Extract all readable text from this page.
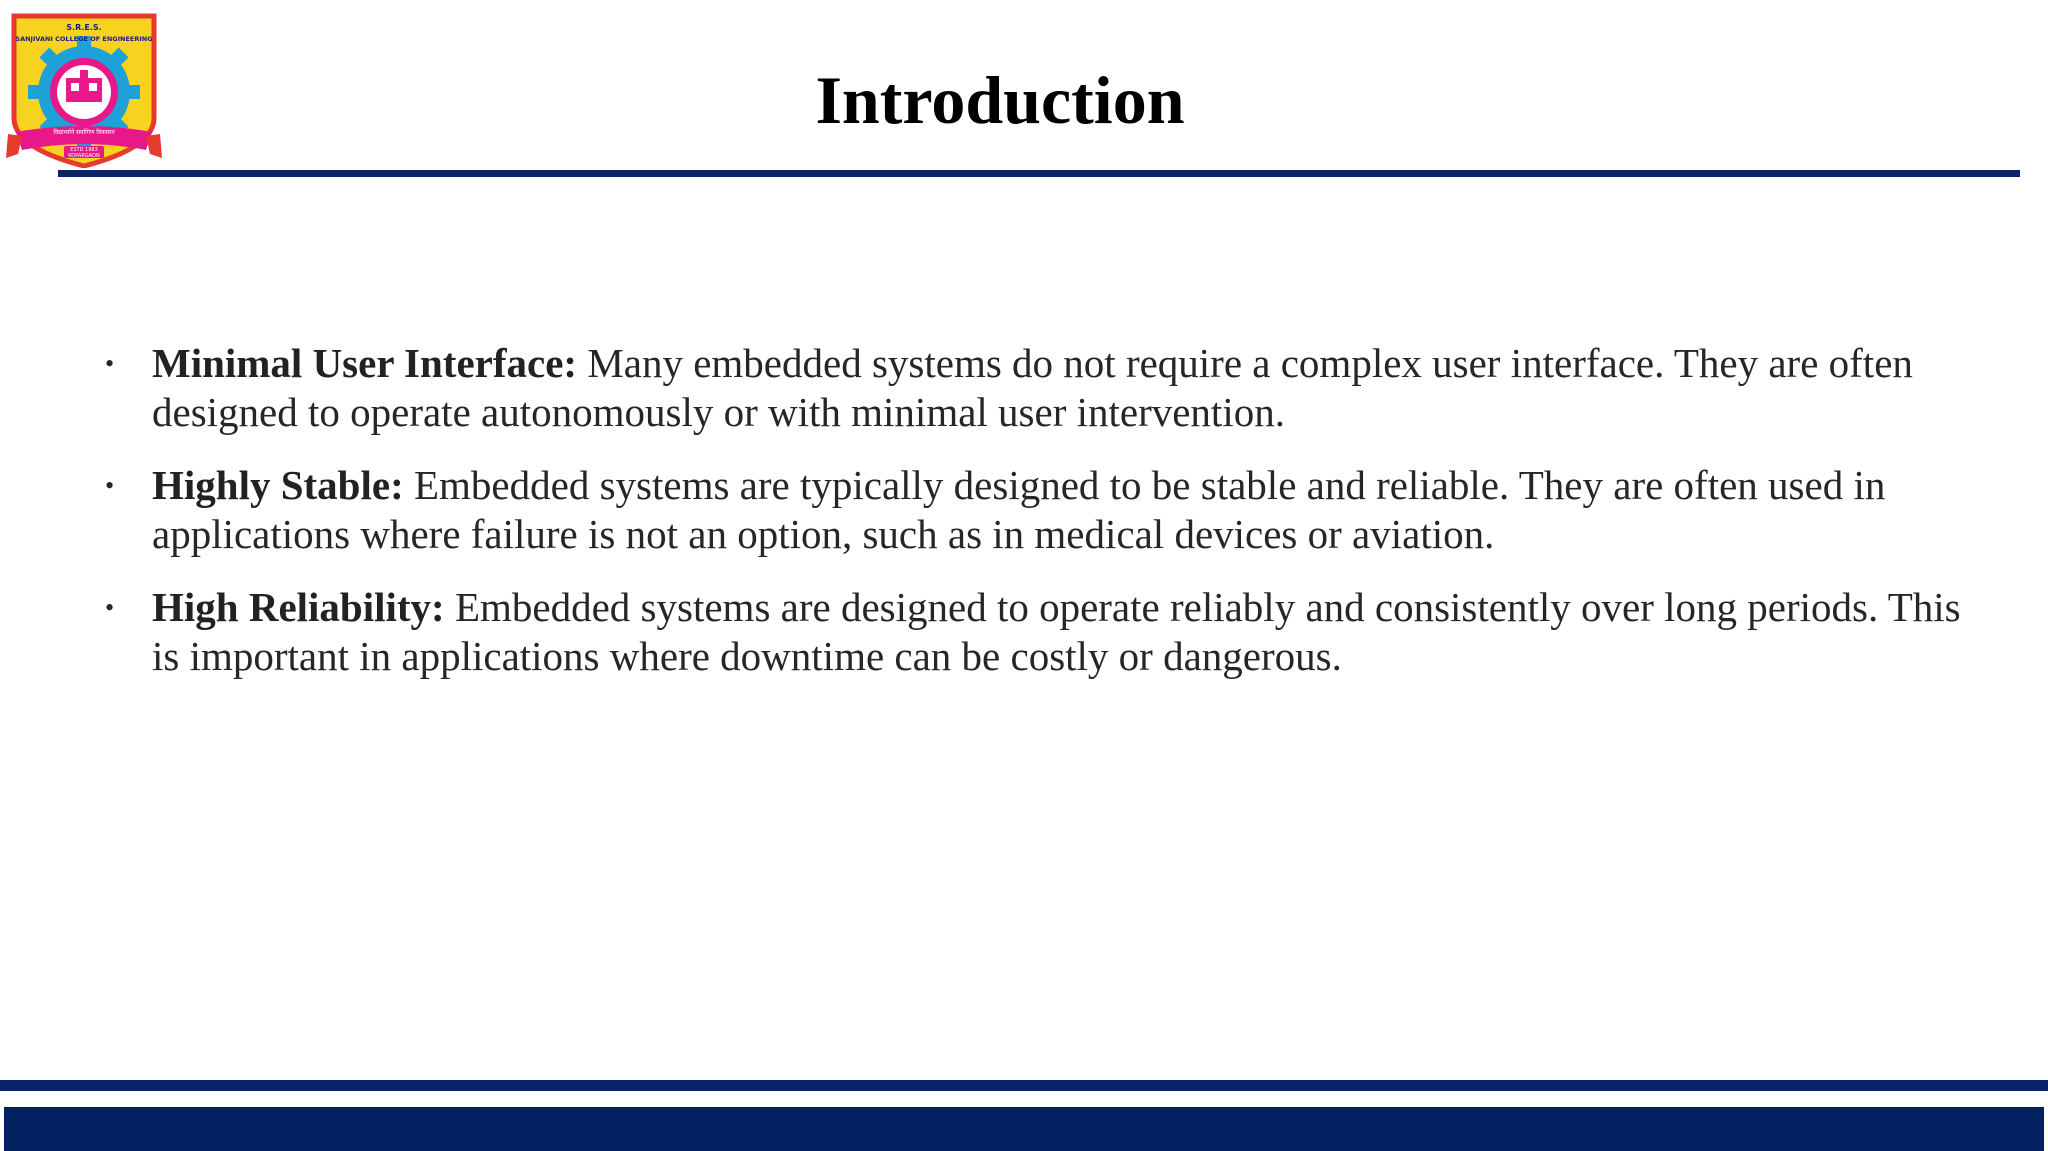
S.R.E.S.
SANJIVANI COLLEGE OF ENGINEERING
विद्यार्थ्याने सर्वागिण विकासन
ESTD 1983
KOPARGAON
Introduction
• Minimal User Interface: Many embedded systems do not require a complex user interface. They are often designed to operate autonomously or with minimal user intervention.
• Highly Stable: Embedded systems are typically designed to be stable and reliable. They are often used in applications where failure is not an option, such as in medical devices or aviation.
• High Reliability: Embedded systems are designed to operate reliably and consistently over long periods. This is important in applications where downtime can be costly or dangerous.
